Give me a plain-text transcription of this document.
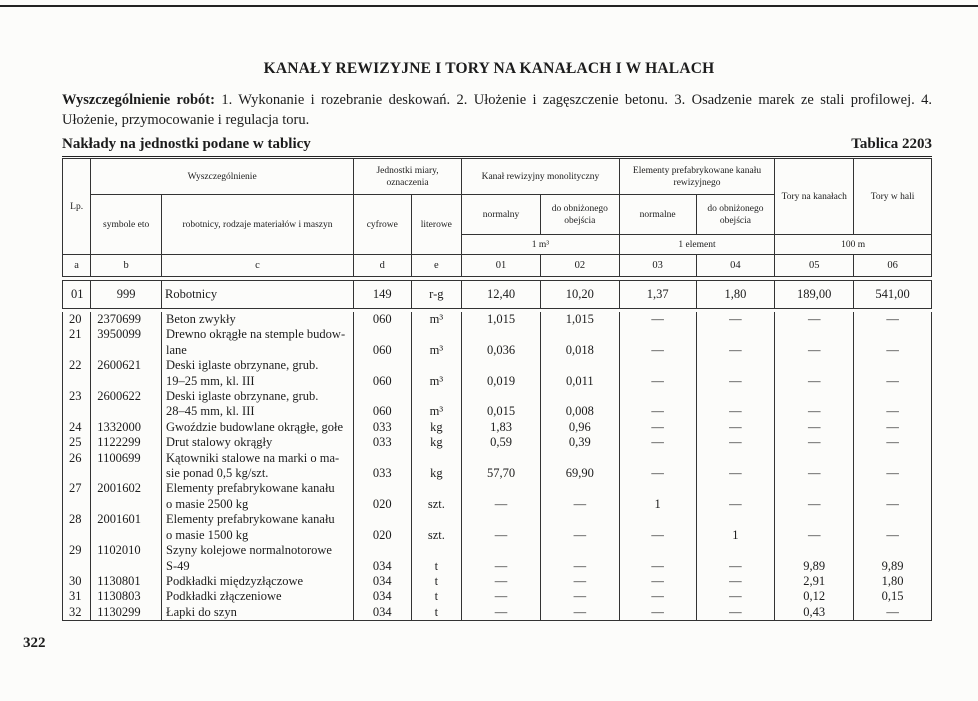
KANAŁY REWIZYJNE I TORY NA KANAŁACH I W HALACH
Wyszczególnienie robót: 1. Wykonanie i rozebranie deskowań. 2. Ułożenie i zagęszczenie betonu. 3. Osadzenie marek ze stali profilowej. 4. Ułożenie, przymocowanie i regulacja toru.
Nakłady na jednostki podane w tablicy	Tablica 2203
322
Lp.	Wyszczególnienie		Jednostki miary, oznaczenia		Kanał rewizyjny monolityczny		Elementy prefabrykowane kanału rewizyjnego		Tory na kanałach	Tory w hali
	symbole eto	robotnicy, rodzaje materiałów i maszyn	cyfrowe	literowe	normalny	do obniżonego obejścia	normalne	do obniżonego obejścia		
					1 m³		1 element		100 m	
a	b	c	d	e	01	02	03	04	05	06

01	999	Robotnicy	149	r-g	12,40	10,20	1,37	1,80	189,00	541,00

20	2370699	Beton zwykły	060	m³	1,015	1,015	—	—	—	—
21	3950099	Drewno okrągłe na stemple budow-
lane	060	m³	0,036	0,018	—	—	—	—
22	2600621	Deski iglaste obrzynane, grub.
19–25 mm, kl. III	060	m³	0,019	0,011	—	—	—	—
23	2600622	Deski iglaste obrzynane, grub.
28–45 mm, kl. III	060	m³	0,015	0,008	—	—	—	—
24	1332000	Gwoździe budowlane okrągłe, gołe	033	kg	1,83	0,96	—	—	—	—
25	1122299	Drut stalowy okrągły	033	kg	0,59	0,39	—	—	—	—
26	1100699	Kątowniki stalowe na marki o ma-
sie ponad 0,5 kg/szt.	033	kg	57,70	69,90	—	—	—	—
27	2001602	Elementy prefabrykowane kanału
o masie 2500 kg	020	szt.	—	—	1	—	—	—
28	2001601	Elementy prefabrykowane kanału
o masie 1500 kg	020	szt.	—	—	—	1	—	—
29	1102010	Szyny kolejowe normalnotorowe
S-49	034	t	—	—	—	—	9,89	9,89
30	1130801	Podkładki międzyzłączowe	034	t	—	—	—	—	2,91	1,80
31	1130803	Podkładki złączeniowe	034	t	—	—	—	—	0,12	0,15
32	1130299	Łapki do szyn	034	t	—	—	—	—	0,43	—
